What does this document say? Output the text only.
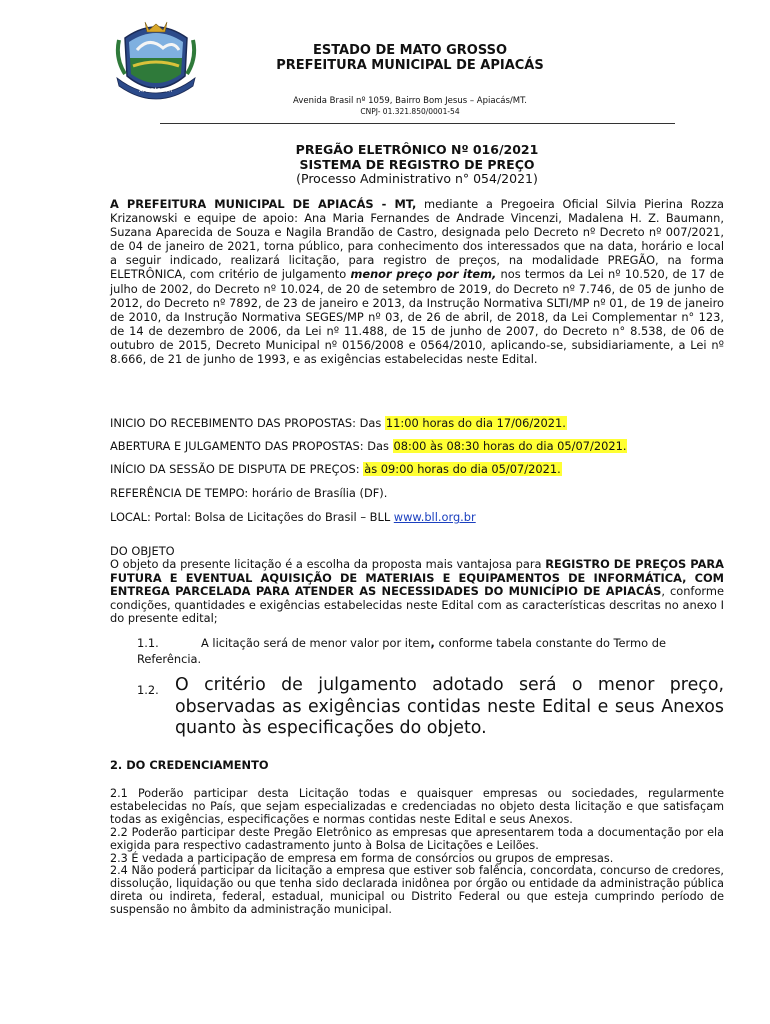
APIACÁS - MT
ESTADO DE MATO GROSSO
PREFEITURA MUNICIPAL DE APIACÁS
Avenida Brasil nº 1059, Bairro Bom Jesus – Apiacás/MT.
CNPJ- 01.321.850/0001-54
PREGÃO ELETRÔNICO Nº 016/2021
SISTEMA DE REGISTRO DE PREÇO
(Processo Administrativo n° 054/2021)
A PREFEITURA MUNICIPAL DE APIACÁS - MT, mediante a Pregoeira Oficial Silvia Pierina Rozza Krizanowski e equipe de apoio: Ana Maria Fernandes de Andrade Vincenzi, Madalena H. Z. Baumann, Suzana Aparecida de Souza e Nagila Brandão de Castro, designada pelo Decreto nº Decreto nº 007/2021, de 04 de janeiro de 2021, torna público, para conhecimento dos interessados que na data, horário e local a seguir indicado, realizará licitação, para registro de preços, na modalidade PREGÃO, na forma ELETRÔNICA, com critério de julgamento menor preço por item, nos termos da Lei nº 10.520, de 17 de julho de 2002, do Decreto nº 10.024, de 20 de setembro de 2019, do Decreto nº 7.746, de 05 de junho de 2012, do Decreto nº 7892, de 23 de janeiro e 2013, da Instrução Normativa SLTI/MP nº 01, de 19 de janeiro de 2010, da Instrução Normativa SEGES/MP nº 03, de 26 de abril, de 2018, da Lei Complementar n° 123, de 14 de dezembro de 2006, da Lei nº 11.488, de 15 de junho de 2007, do Decreto n° 8.538, de 06 de outubro de 2015, Decreto Municipal nº 0156/2008 e 0564/2010, aplicando-se, subsidiariamente, a Lei nº 8.666, de 21 de junho de 1993, e as exigências estabelecidas neste Edital.
INICIO DO RECEBIMENTO DAS PROPOSTAS: Das 11:00 horas do dia 17/06/2021.
ABERTURA E JULGAMENTO DAS PROPOSTAS: Das 08:00 às 08:30 horas do dia 05/07/2021.
INÍCIO DA SESSÃO DE DISPUTA DE PREÇOS: às 09:00 horas do dia 05/07/2021.
REFERÊNCIA DE TEMPO: horário de Brasília (DF).
LOCAL: Portal: Bolsa de Licitações do Brasil – BLL www.bll.org.br
DO OBJETO
O objeto da presente licitação é a escolha da proposta mais vantajosa para REGISTRO DE PREÇOS PARA FUTURA E EVENTUAL AQUISIÇÃO DE MATERIAIS E EQUIPAMENTOS DE INFORMÁTICA, COM ENTREGA PARCELADA PARA ATENDER AS NECESSIDADES DO MUNICÍPIO DE APIACÁS, conforme condições, quantidades e exigências estabelecidas neste Edital com as características descritas no anexo I do presente edital;
1.1.	A licitação será de menor valor por item, conforme tabela constante do Termo de Referência.
1.2. O critério de julgamento adotado será o menor preço, observadas as exigências contidas neste Edital e seus Anexos quanto às especificações do objeto.
2. DO CREDENCIAMENTO
2.1 Poderão participar desta Licitação todas e quaisquer empresas ou sociedades, regularmente estabelecidas no País, que sejam especializadas e credenciadas no objeto desta licitação e que satisfaçam todas as exigências, especificações e normas contidas neste Edital e seus Anexos.
2.2 Poderão participar deste Pregão Eletrônico as empresas que apresentarem toda a documentação por ela exigida para respectivo cadastramento junto à Bolsa de Licitações e Leilões.
2.3 É vedada a participação de empresa em forma de consórcios ou grupos de empresas.
2.4 Não poderá participar da licitação a empresa que estiver sob falência, concordata, concurso de credores, dissolução, liquidação ou que tenha sido declarada inidônea por órgão ou entidade da administração pública direta ou indireta, federal, estadual, municipal ou Distrito Federal ou que esteja cumprindo período de suspensão no âmbito da administração municipal.
